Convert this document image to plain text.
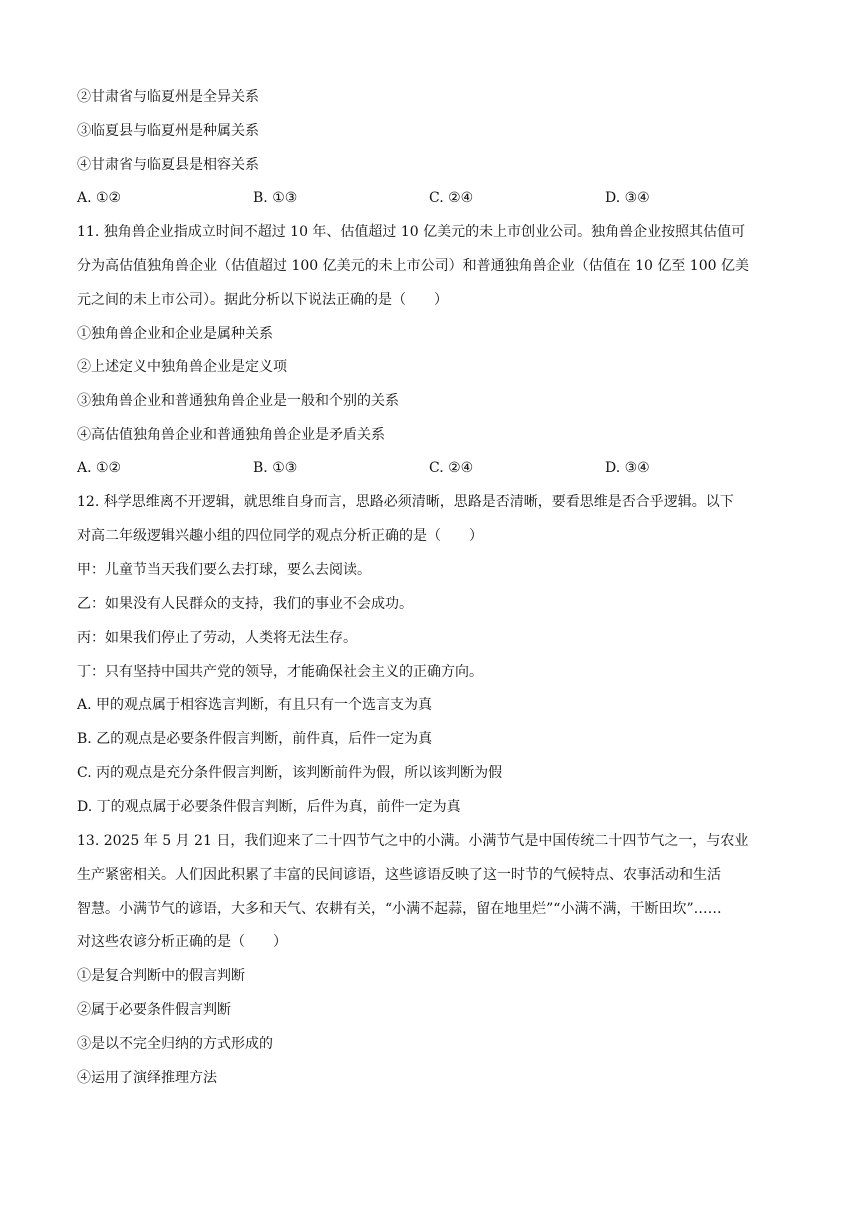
②甘肃省与临夏州是全异关系
③临夏县与临夏州是种属关系
④甘肃省与临夏县是相容关系
A. ①②	B. ①③	C. ②④	D. ③④
11. 独角兽企业指成立时间不超过 10 年、估值超过 10 亿美元的未上市创业公司。独角兽企业按照其估值可
分为高估值独角兽企业（估值超过 100 亿美元的未上市公司）和普通独角兽企业（估值在 10 亿至 100 亿美
元之间的未上市公司）。据此分析以下说法正确的是（　　）
①独角兽企业和企业是属种关系
②上述定义中独角兽企业是定义项
③独角兽企业和普通独角兽企业是一般和个别的关系
④高估值独角兽企业和普通独角兽企业是矛盾关系
A. ①②	B. ①③	C. ②④	D. ③④
12. 科学思维离不开逻辑，就思维自身而言，思路必须清晰，思路是否清晰，要看思维是否合乎逻辑。以下
对高二年级逻辑兴趣小组的四位同学的观点分析正确的是（　　）
甲：儿童节当天我们要么去打球，要么去阅读。
乙：如果没有人民群众的支持，我们的事业不会成功。
丙：如果我们停止了劳动，人类将无法生存。
丁：只有坚持中国共产党的领导，才能确保社会主义的正确方向。
A. 甲的观点属于相容选言判断，有且只有一个选言支为真
B. 乙的观点是必要条件假言判断，前件真，后件一定为真
C. 丙的观点是充分条件假言判断，该判断前件为假，所以该判断为假
D. 丁的观点属于必要条件假言判断，后件为真，前件一定为真
13. 2025 年 5 月 21 日，我们迎来了二十四节气之中的小满。小满节气是中国传统二十四节气之一，与农业
生产紧密相关。人们因此积累了丰富的民间谚语，这些谚语反映了这一时节的气候特点、农事活动和生活
智慧。小满节气的谚语，大多和天气、农耕有关，“小满不起蒜，留在地里烂”“小满不满，干断田坎”……
对这些农谚分析正确的是（　　）
①是复合判断中的假言判断
②属于必要条件假言判断
③是以不完全归纳的方式形成的
④运用了演绎推理方法
